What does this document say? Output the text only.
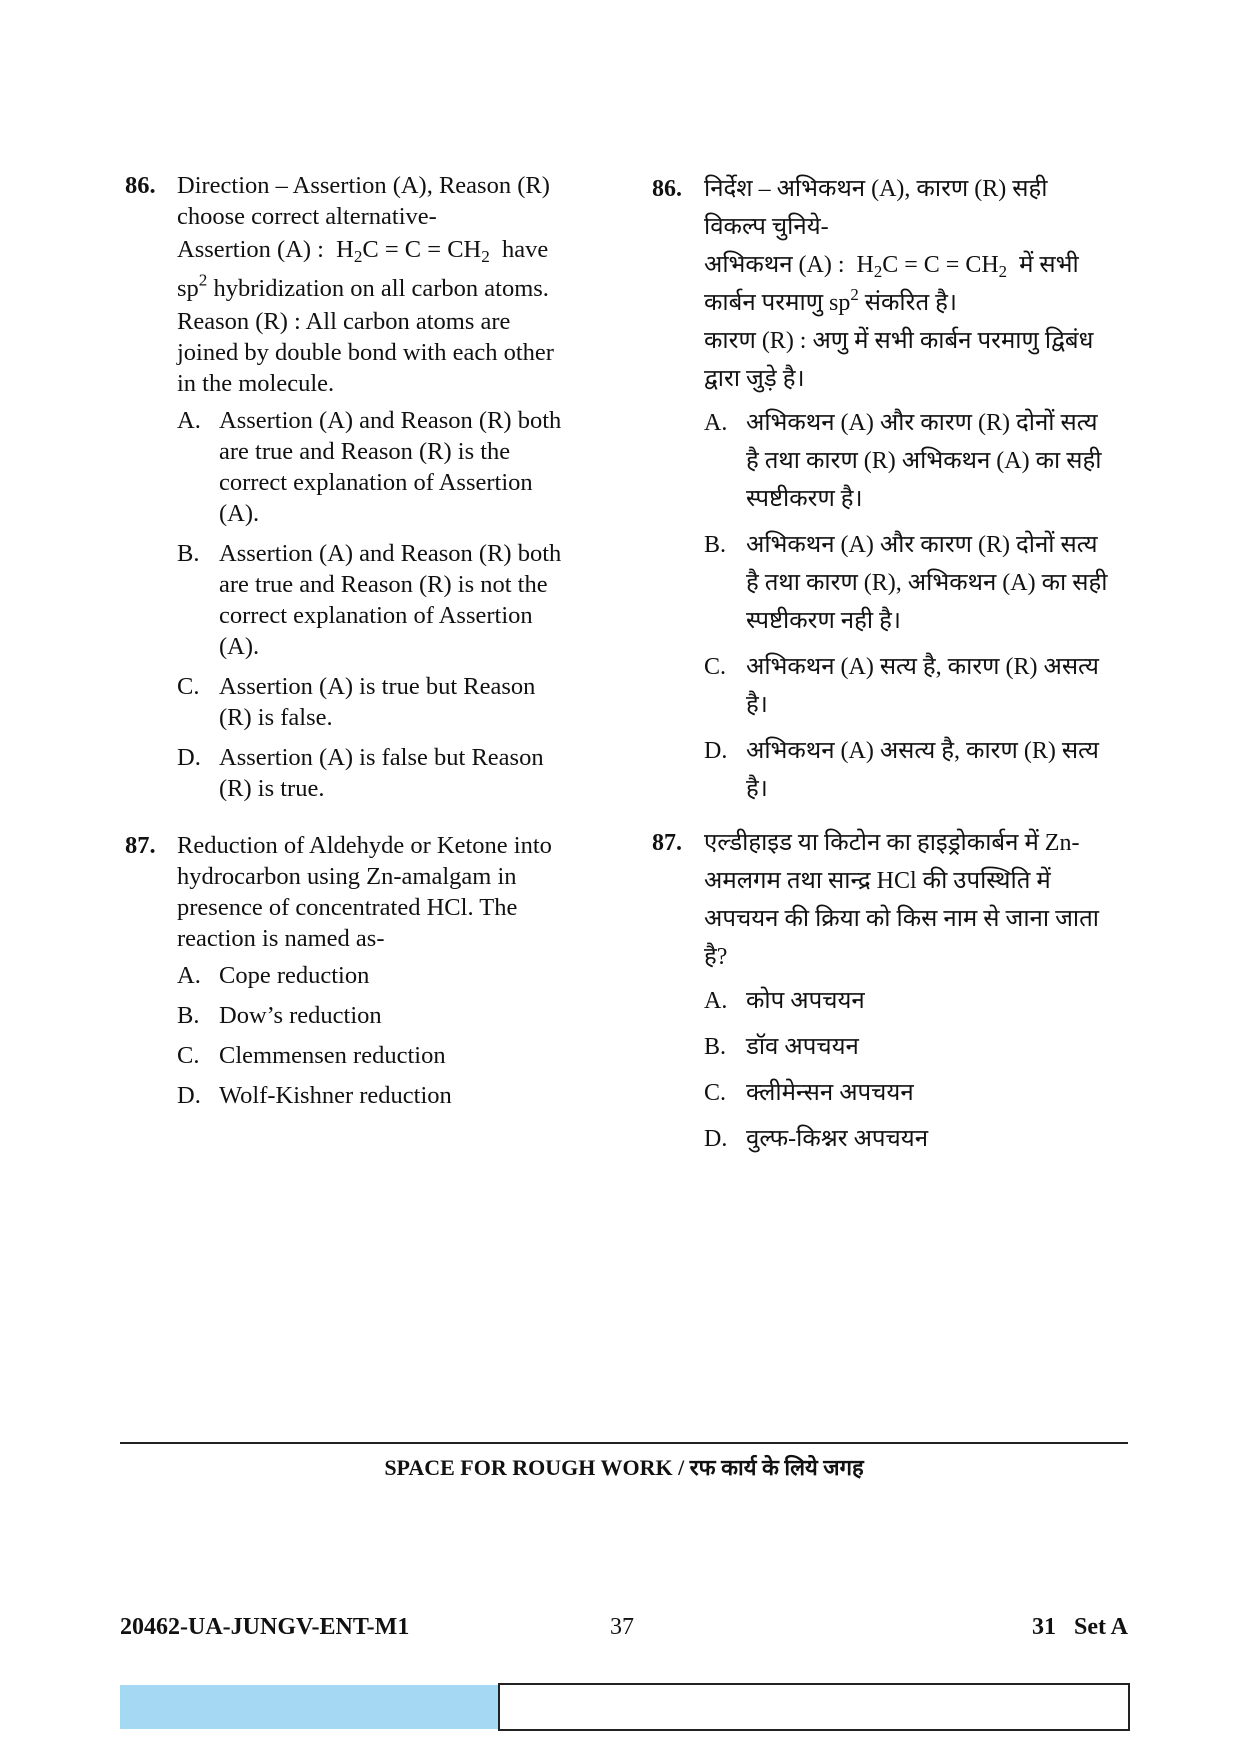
86. Direction – Assertion (A), Reason (R)
choose correct alternative-
Assertion (A) : $H_2C = C = CH_2$ have
$sp^2$ hybridization on all carbon atoms.
Reason (R) : All carbon atoms are
joined by double bond with each other
in the molecule.
A. Assertion (A) and Reason (R) both
are true and Reason (R) is the
correct explanation of Assertion
(A).
B. Assertion (A) and Reason (R) both
are true and Reason (R) is not the
correct explanation of Assertion
(A).
C. Assertion (A) is true but Reason
(R) is false.
D. Assertion (A) is false but Reason
(R) is true.
87. Reduction of Aldehyde or Ketone into
hydrocarbon using Zn-amalgam in
presence of concentrated HCl. The
reaction is named as-
A. Cope reduction
B. Dow’s reduction
C. Clemmensen reduction
D. Wolf-Kishner reduction
86. निर्देश – अभिकथन (A), कारण (R) सही
विकल्प चुनिये-
अभिकथन (A) : $H_2C = C = CH_2$ में सभी
कार्बन परमाणु $sp^2$ संकरित है।
कारण (R) : अणु में सभी कार्बन परमाणु द्विबंध
द्वारा जुड़े है।
A. अभिकथन (A) और कारण (R) दोनों सत्य
है तथा कारण (R) अभिकथन (A) का सही
स्पष्टीकरण है।
B. अभिकथन (A) और कारण (R) दोनों सत्य
है तथा कारण (R), अभिकथन (A) का सही
स्पष्टीकरण नही है।
C. अभिकथन (A) सत्य है, कारण (R) असत्य
है।
D. अभिकथन (A) असत्य है, कारण (R) सत्य
है।
87. एल्डीहाइड या किटोन का हाइड्रोकार्बन में Zn-
अमलगम तथा सान्द्र HCl की उपस्थिति में
अपचयन की क्रिया को किस नाम से जाना जाता
है?
A. कोप अपचयन
B. डॉव अपचयन
C. क्लीमेन्सन अपचयन
D. वुल्फ-किश्नर अपचयन
SPACE FOR ROUGH WORK / रफ कार्य के लिये जगह
20462-UA-JUNGV-ENT-M1	37	31   Set A
